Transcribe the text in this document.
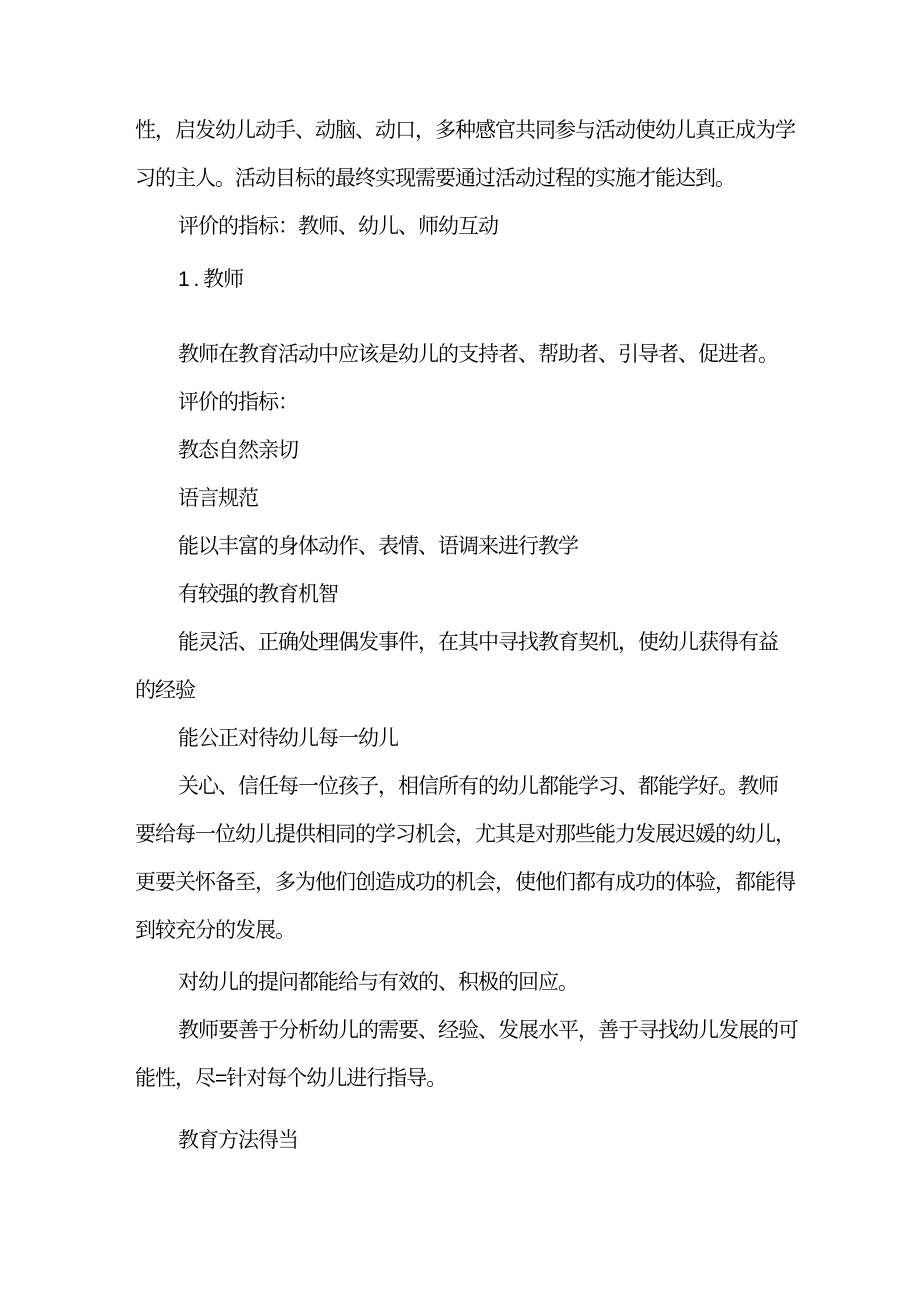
性，启发幼儿动手、动脑、动口，多种感官共同参与活动使幼儿真正成为学
习的主人。活动目标的最终实现需要通过活动过程的实施才能达到。
评价的指标：教师、幼儿、师幼互动
1 . 教师
教师在教育活动中应该是幼儿的支持者、帮助者、引导者、促进者。
评价的指标：
教态自然亲切
语言规范
能以丰富的身体动作、表情、语调来进行教学
有较强的教育机智
能灵活、正确处理偶发事件，在其中寻找教育契机，使幼儿获得有益
的经验
能公正对待幼儿每一幼儿
关心、信任每一位孩子，相信所有的幼儿都能学习、都能学好。教师
要给每一位幼儿提供相同的学习机会，尤其是对那些能力发展迟媛的幼儿，
更要关怀备至，多为他们创造成功的机会，使他们都有成功的体验，都能得
到较充分的发展。
对幼儿的提问都能给与有效的、积极的回应。
教师要善于分析幼儿的需要、经验、发展水平，善于寻找幼儿发展的可
能性，尽=针对每个幼儿进行指导。
教育方法得当
